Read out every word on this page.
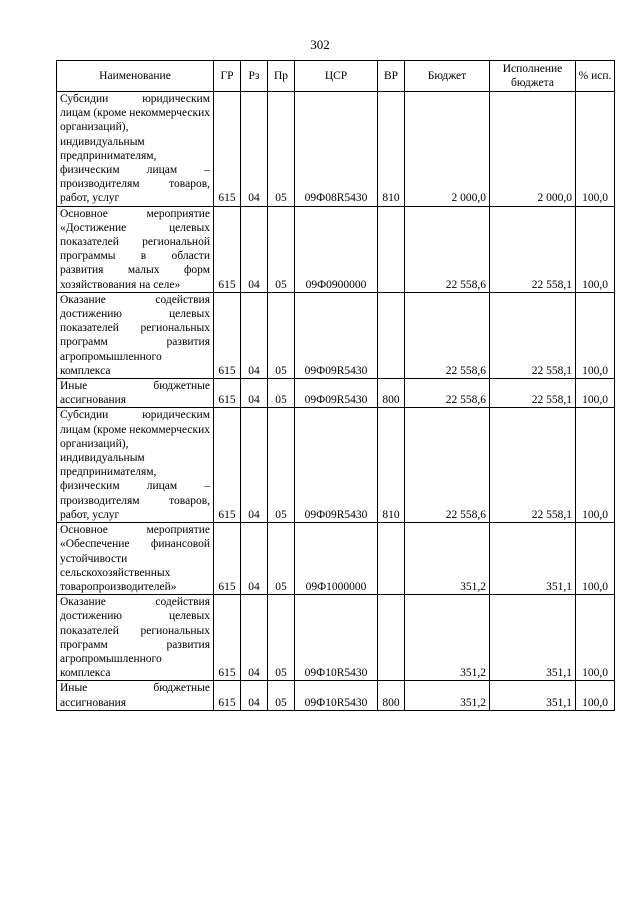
302
Наименование	ГР	Рз	Пр	ЦСР	ВР	Бюджет	Исполнение бюджета	% исп.
Субсидии юридическим лицам (кроме некоммерческих организаций), индивидуальным предпринимателям, физическим лицам – производителям товаров, работ, услуг	615	04	05	09Ф08R5430	810	2 000,0	2 000,0	100,0
Основное мероприятие «Достижение целевых показателей региональной программы в области развития малых форм хозяйствования на селе»	615	04	05	09Ф0900000		22 558,6	22 558,1	100,0
Оказание содействия достижению целевых показателей региональных программ развития агропромышленного комплекса	615	04	05	09Ф09R5430		22 558,6	22 558,1	100,0
Иные бюджетные ассигнования	615	04	05	09Ф09R5430	800	22 558,6	22 558,1	100,0
Субсидии юридическим лицам (кроме некоммерческих организаций), индивидуальным предпринимателям, физическим лицам – производителям товаров, работ, услуг	615	04	05	09Ф09R5430	810	22 558,6	22 558,1	100,0
Основное мероприятие «Обеспечение финансовой устойчивости сельскохозяйственных товаропроизводителей»	615	04	05	09Ф1000000		351,2	351,1	100,0
Оказание содействия достижению целевых показателей региональных программ развития агропромышленного комплекса	615	04	05	09Ф10R5430		351,2	351,1	100,0
Иные бюджетные ассигнования	615	04	05	09Ф10R5430	800	351,2	351,1	100,0
